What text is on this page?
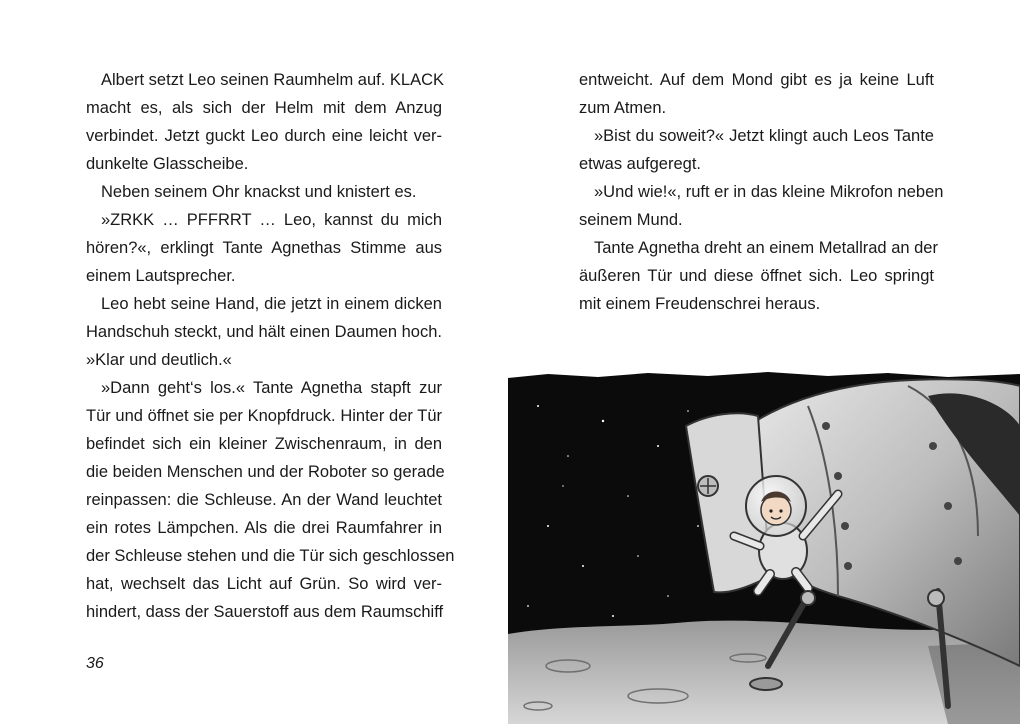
Albert setzt Leo seinen Raumhelm auf. KLACK
macht es, als sich der Helm mit dem Anzug
verbindet. Jetzt guckt Leo durch eine leicht ver-
dunkelte Glasscheibe.
Neben seinem Ohr knackst und knistert es.
»ZRKK … PFFRRT … Leo, kannst du mich
hören?«, erklingt Tante Agnethas Stimme aus
einem Lautsprecher.
Leo hebt seine Hand, die jetzt in einem dicken
Handschuh steckt, und hält einen Daumen hoch.
»Klar und deutlich.«
»Dann geht‘s los.« Tante Agnetha stapft zur
Tür und öffnet sie per Knopfdruck. Hinter der Tür
befindet sich ein kleiner Zwischenraum, in den
die beiden Menschen und der Roboter so gerade
reinpassen: die Schleuse. An der Wand leuchtet
ein rotes Lämpchen. Als die drei Raumfahrer in
der Schleuse stehen und die Tür sich geschlossen
hat, wechselt das Licht auf Grün. So wird ver-
hindert, dass der Sauerstoff aus dem Raumschiff
entweicht. Auf dem Mond gibt es ja keine Luft
zum Atmen.
»Bist du soweit?« Jetzt klingt auch Leos Tante
etwas aufgeregt.
»Und wie!«, ruft er in das kleine Mikrofon neben
seinem Mund.
Tante Agnetha dreht an einem Metallrad an der
äußeren Tür und diese öffnet sich. Leo springt
mit einem Freudenschrei heraus.
36
